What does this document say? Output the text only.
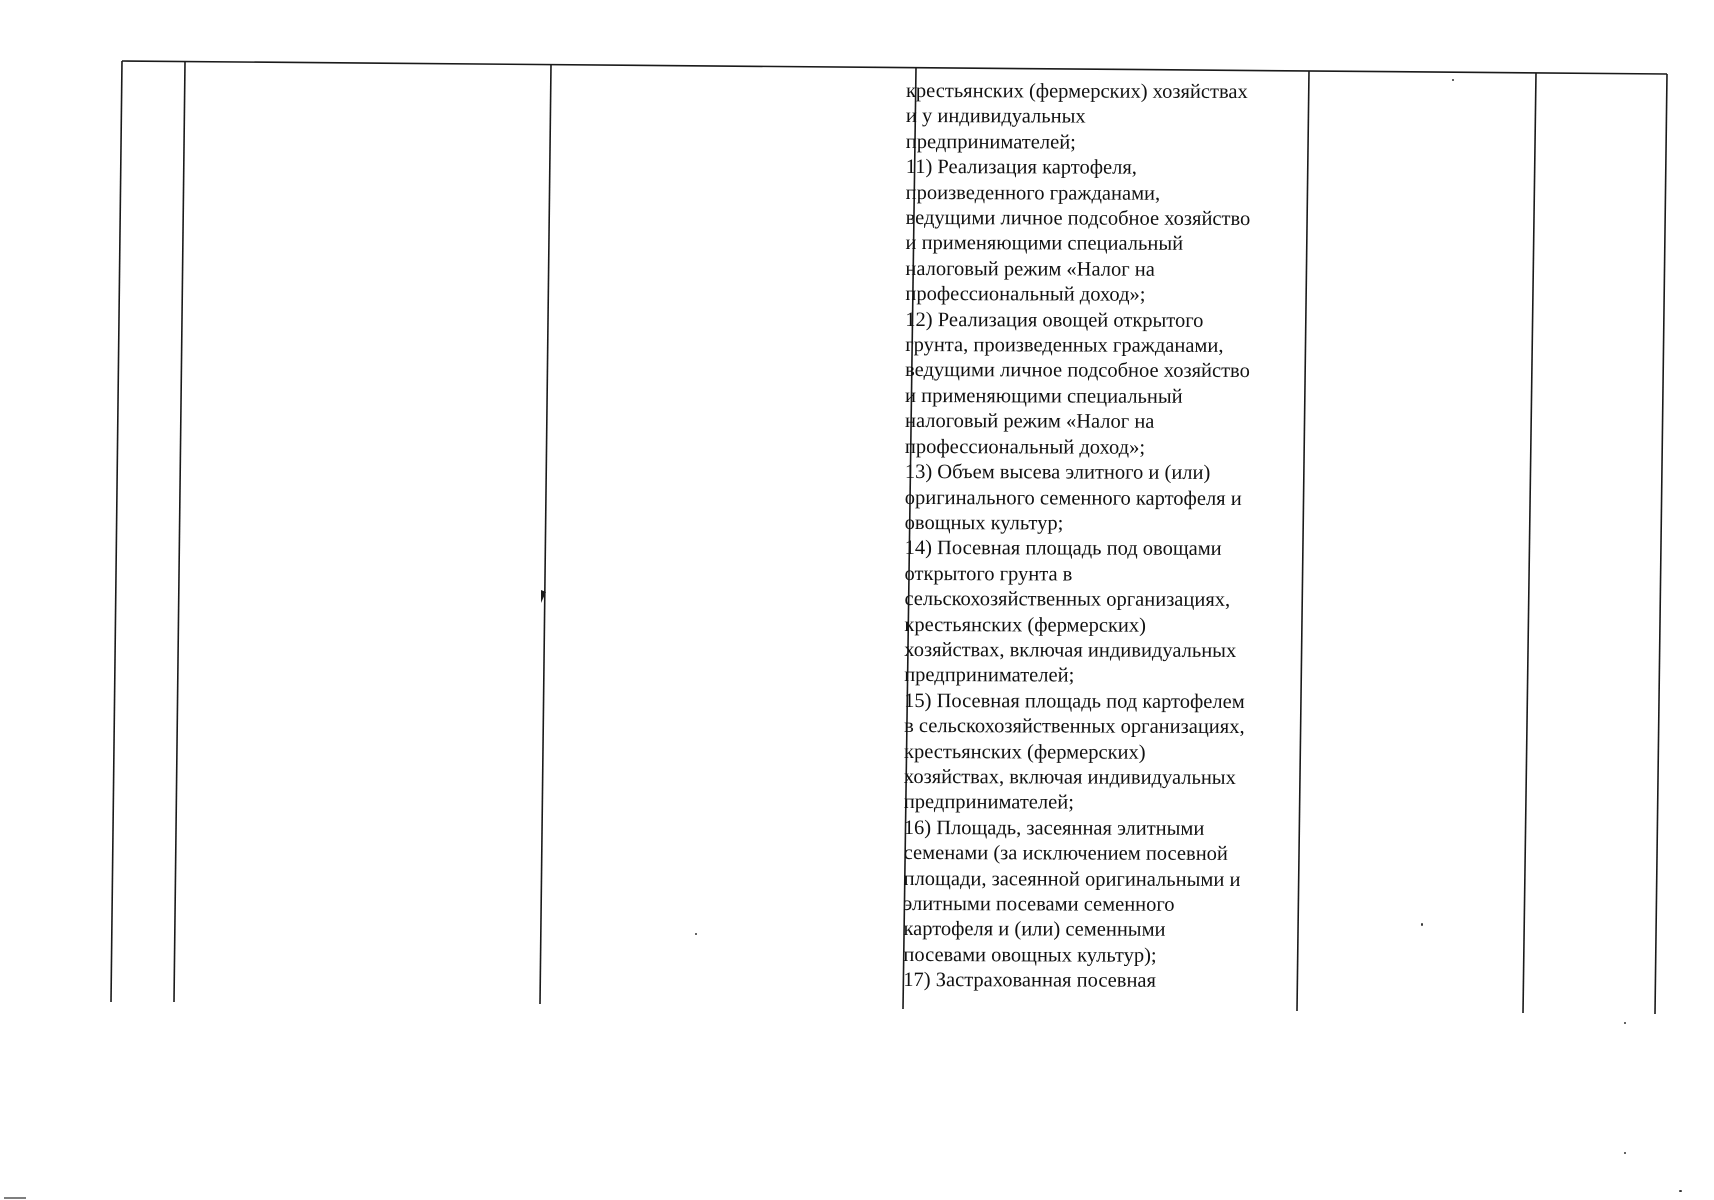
крестьянских (фермерских) хозяйствах
и у индивидуальных
предпринимателей;
11) Реализация картофеля,
произведенного гражданами,
ведущими личное подсобное хозяйство
и применяющими специальный
налоговый режим «Налог на
профессиональный доход»;
12) Реализация овощей открытого
грунта, произведенных гражданами,
ведущими личное подсобное хозяйство
и применяющими специальный
налоговый режим «Налог на
профессиональный доход»;
13) Объем высева элитного и (или)
оригинального семенного картофеля и
овощных культур;
14) Посевная площадь под овощами
открытого грунта в
сельскохозяйственных организациях,
крестьянских (фермерских)
хозяйствах, включая индивидуальных
предпринимателей;
15) Посевная площадь под картофелем
в сельскохозяйственных организациях,
крестьянских (фермерских)
хозяйствах, включая индивидуальных
предпринимателей;
16) Площадь, засеянная элитными
семенами (за исключением посевной
площади, засеянной оригинальными и
элитными посевами семенного
картофеля и (или) семенными
посевами овощных культур);
17) Застрахованная посевная
